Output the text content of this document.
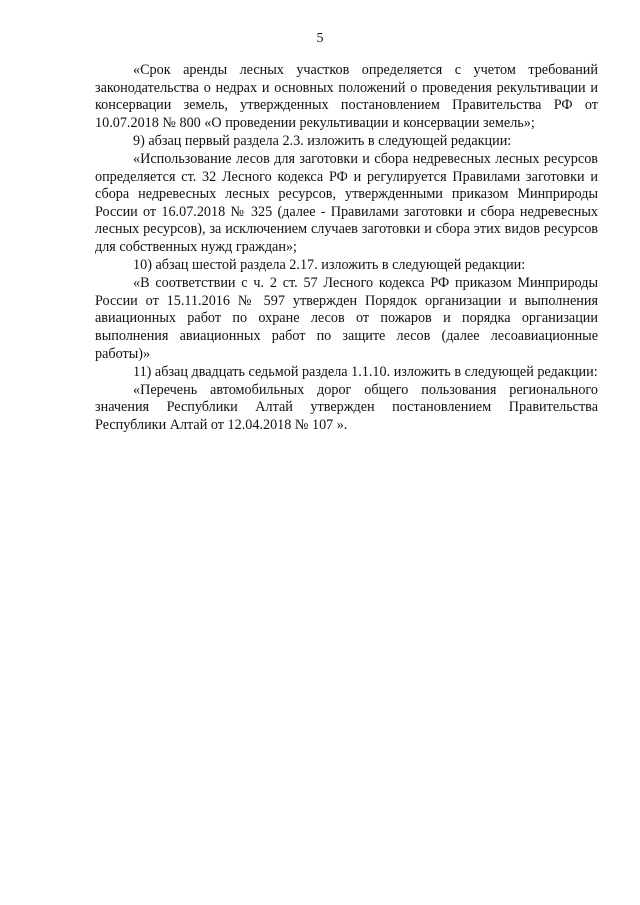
5

«Срок аренды лесных участков определяется с учетом требований законодательства о недрах и основных положений о проведения рекультивации и консервации земель, утвержденных постановлением Правительства РФ от 10.07.2018 № 800 «О проведении рекультивации и консервации земель»;

9) абзац первый раздела 2.3. изложить в следующей редакции:

«Использование лесов для заготовки и сбора недревесных лесных ресурсов определяется ст. 32 Лесного кодекса РФ и регулируется Правилами заготовки и сбора недревесных лесных ресурсов, утвержденными приказом Минприроды России от 16.07.2018 № 325 (далее - Правилами заготовки и сбора недревесных лесных ресурсов), за исключением случаев заготовки и сбора этих видов ресурсов для собственных нужд граждан»;

10) абзац шестой раздела 2.17. изложить в следующей редакции:

«В соответствии с ч. 2 ст. 57 Лесного кодекса РФ приказом Минприроды России от 15.11.2016 № 597 утвержден Порядок организации и выполнения авиационных работ по охране лесов от пожаров и порядка организации выполнения авиационных работ по защите лесов (далее лесоавиационные работы)»

11) абзац двадцать седьмой раздела 1.1.10. изложить в следующей редакции:

«Перечень автомобильных дорог общего пользования регионального значения Республики Алтай утвержден постановлением Правительства Республики Алтай от 12.04.2018 № 107 ».
